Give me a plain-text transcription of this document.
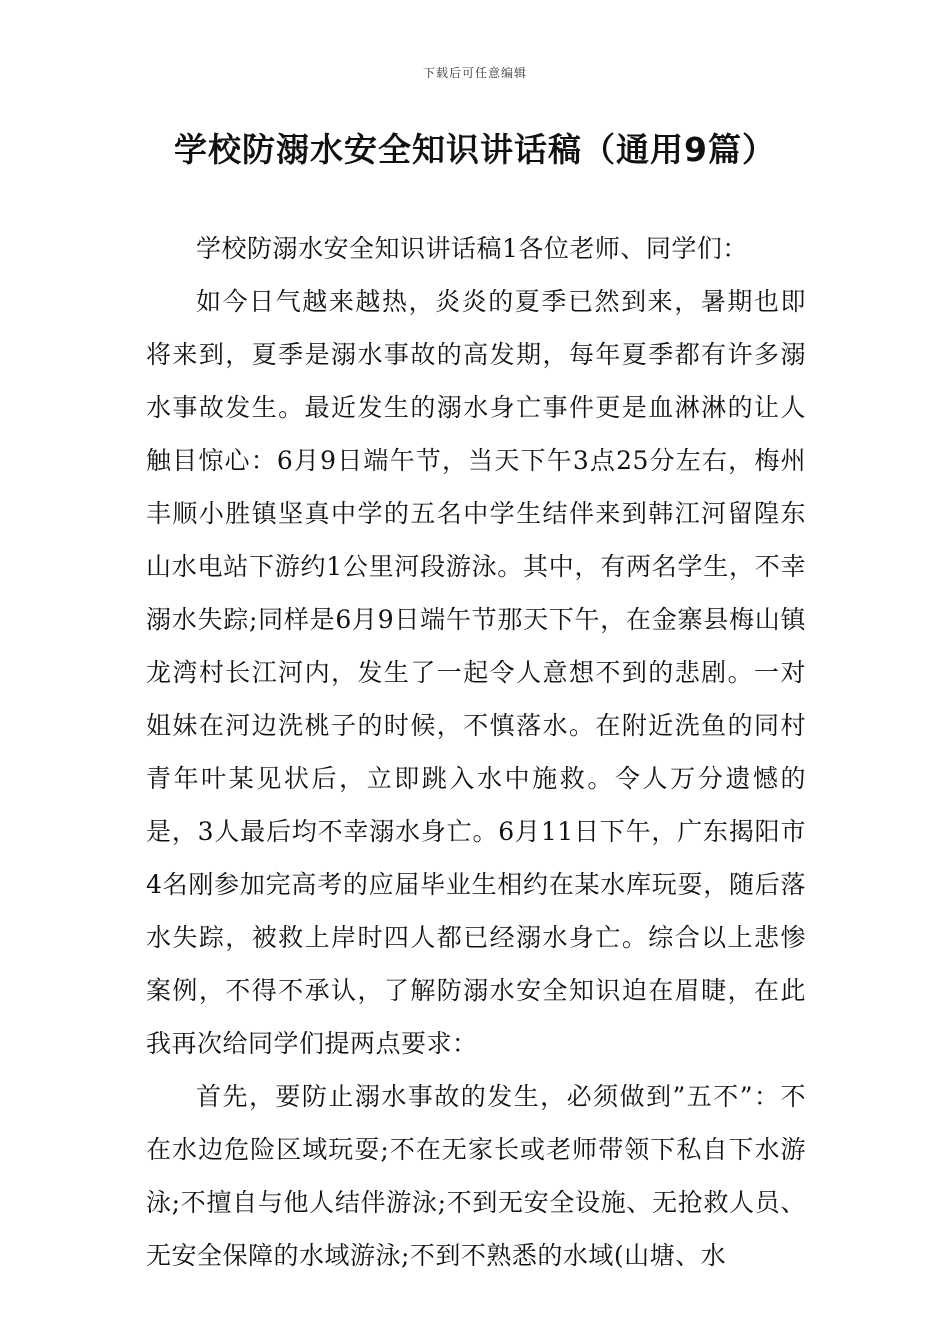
下载后可任意编辑
学校防溺水安全知识讲话稿（通用9篇）

学校防溺水安全知识讲话稿1各位老师、同学们：

如今日气越来越热，炎炎的夏季已然到来，暑期也即将来到，夏季是溺水事故的高发期，每年夏季都有许多溺水事故发生。最近发生的溺水身亡事件更是血淋淋的让人触目惊心：6月9日端午节，当天下午3点25分左右，梅州丰顺小胜镇坚真中学的五名中学生结伴来到韩江河留隍东山水电站下游约1公里河段游泳。其中，有两名学生，不幸溺水失踪;同样是6月9日端午节那天下午，在金寨县梅山镇龙湾村长江河内，发生了一起令人意想不到的悲剧。一对姐妹在河边洗桃子的时候，不慎落水。在附近洗鱼的同村青年叶某见状后，立即跳入水中施救。令人万分遗憾的是，3人最后均不幸溺水身亡。6月11日下午，广东揭阳市4名刚参加完高考的应届毕业生相约在某水库玩耍，随后落水失踪，被救上岸时四人都已经溺水身亡。综合以上悲惨案例，不得不承认，了解防溺水安全知识迫在眉睫，在此我再次给同学们提两点要求：

首先，要防止溺水事故的发生，必须做到”五不”：不在水边危险区域玩耍;不在无家长或老师带领下私自下水游泳;不擅自与他人结伴游泳;不到无安全设施、无抢救人员、无安全保障的水域游泳;不到不熟悉的水域(山塘、水
